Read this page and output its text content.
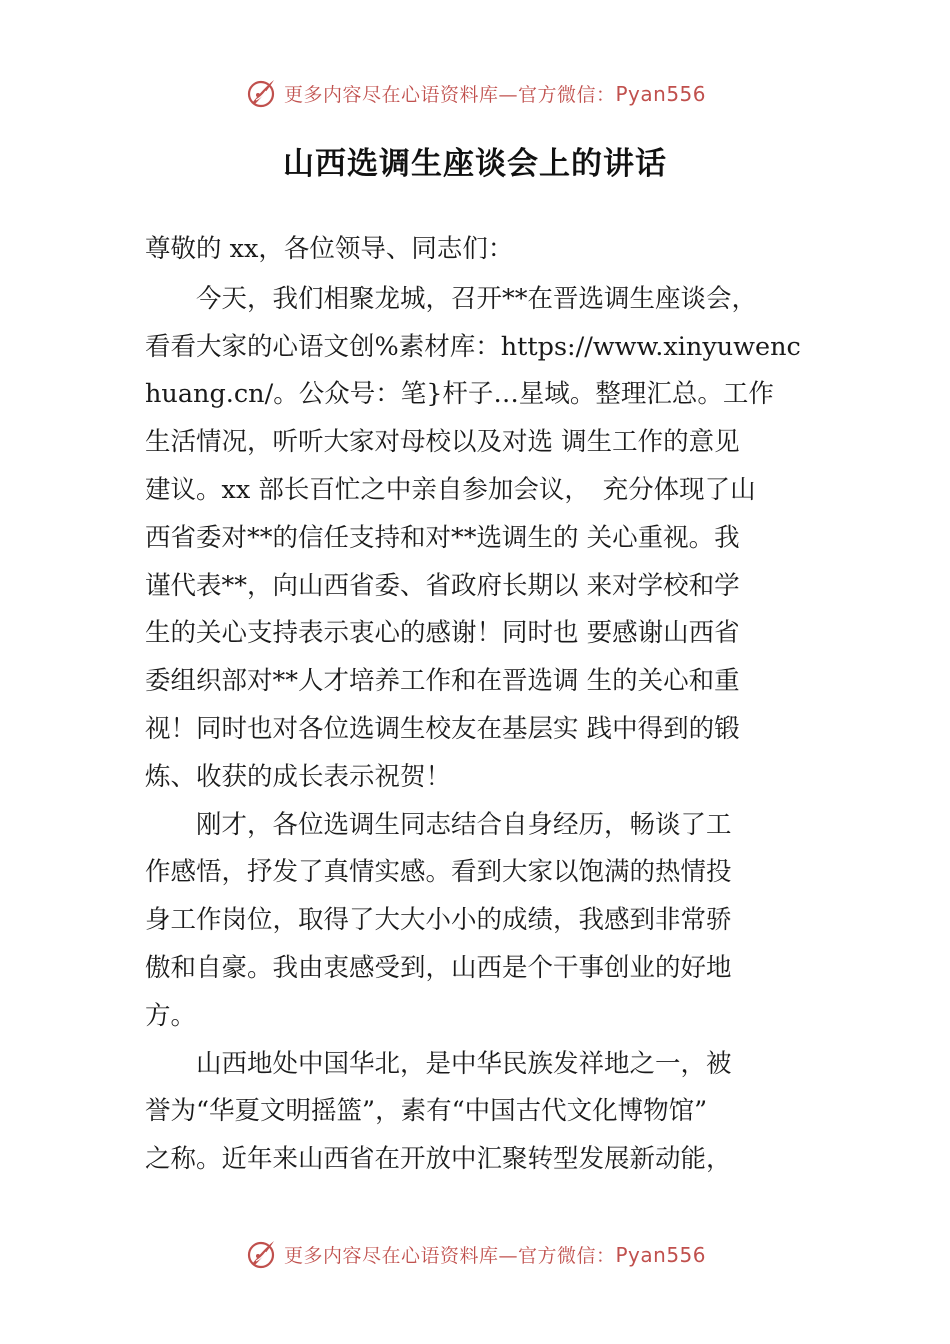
更多内容尽在心语资料库—官方微信：Pyan556
山西选调生座谈会上的讲话
尊敬的 xx，各位领导、同志们：
　　今天，我们相聚龙城，召开**在晋选调生座谈会，
看看大家的心语文创%素材库：https://www.xinyuwenc
huang.cn/。公众号：笔}杆子…星域。整理汇总。工作
生活情况，听听大家对母校以及对选 调生工作的意见
建议。xx 部长百忙之中亲自参加会议，　充分体现了山
西省委对**的信任支持和对**选调生的 关心重视。我
谨代表**，向山西省委、省政府长期以 来对学校和学
生的关心支持表示衷心的感谢！同时也 要感谢山西省
委组织部对**人才培养工作和在晋选调 生的关心和重
视！同时也对各位选调生校友在基层实 践中得到的锻
炼、收获的成长表示祝贺！
　　刚才，各位选调生同志结合自身经历，畅谈了工
作感悟，抒发了真情实感。看到大家以饱满的热情投
身工作岗位，取得了大大小小的成绩，我感到非常骄
傲和自豪。我由衷感受到，山西是个干事创业的好地
方。
　　山西地处中国华北，是中华民族发祥地之一，被
誉为“华夏文明摇篮”，素有“中国古代文化博物馆”
之称。近年来山西省在开放中汇聚转型发展新动能，
更多内容尽在心语资料库—官方微信：Pyan556
